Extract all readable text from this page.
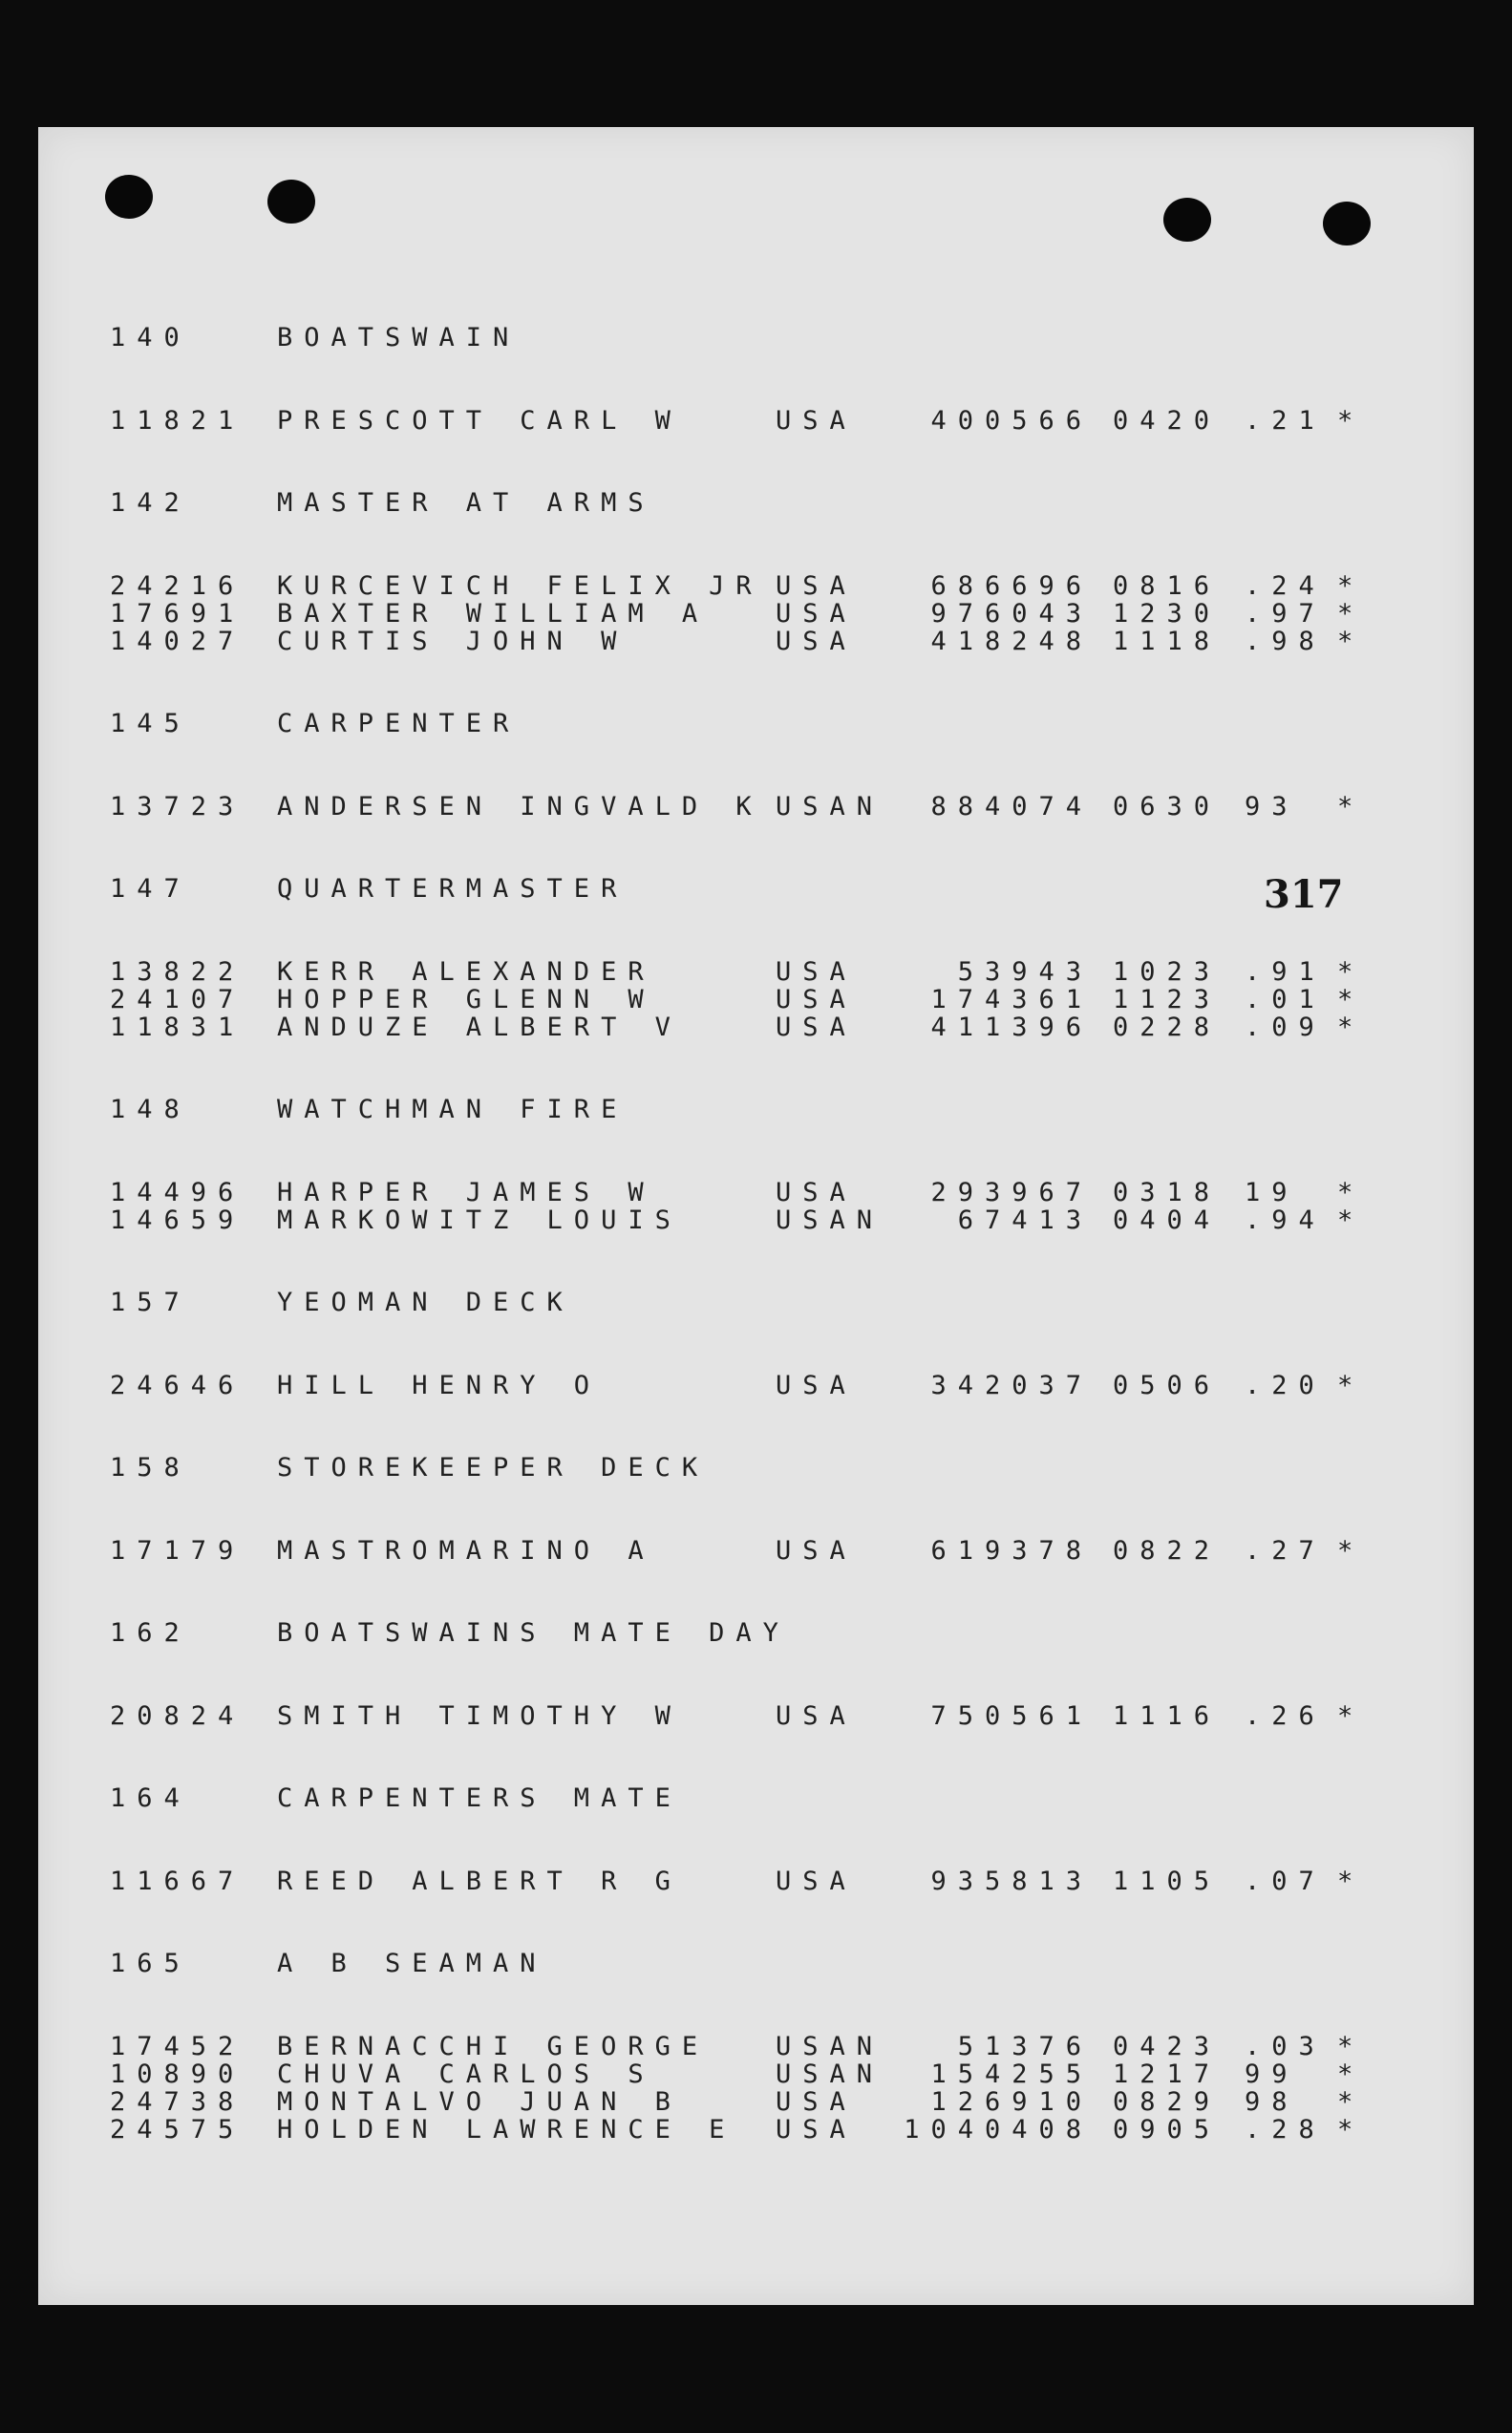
317
140	BOATSWAIN
11821 PRESCOTT CARL W	USA	400566 0420 .21 *
142	MASTER AT ARMS
24216 KURCEVICH FELIX JR USA	686696 0816 .24 *
17691 BAXTER WILLIAM A	USA	976043 1230 .97 *
14027 CURTIS JOHN W	USA	418248 1118 .98 *
145	CARPENTER
13723 ANDERSEN INGVALD K USAN	884074 0630 93 *
147	QUARTERMASTER
13822 KERR ALEXANDER	USA	53943 1023 .91 *
24107 HOPPER GLENN W	USA	174361 1123 .01 *
11831 ANDUZE ALBERT V	USA	411396 0228 .09 *
148	WATCHMAN FIRE
14496 HARPER JAMES W	USA	293967 0318 19 *
14659 MARKOWITZ LOUIS	USAN	67413 0404 .94 *
157	YEOMAN DECK
24646 HILL HENRY O	USA	342037 0506 .20 *
158	STOREKEEPER DECK
17179 MASTROMARINO A	USA	619378 0822 .27 *
162	BOATSWAINS MATE DAY
20824 SMITH TIMOTHY W	USA	750561 1116 .26 *
164	CARPENTERS MATE
11667 REED ALBERT R G	USA	935813 1105 .07 *
165	A B SEAMAN
17452 BERNACCHI GEORGE	USAN	51376 0423 .03 *
10890 CHUVA CARLOS S	USAN	154255 1217 99 *
24738 MONTALVO JUAN B	USA	126910 0829 98 *
24575 HOLDEN LAWRENCE E USA	1040408 0905 .28 *
